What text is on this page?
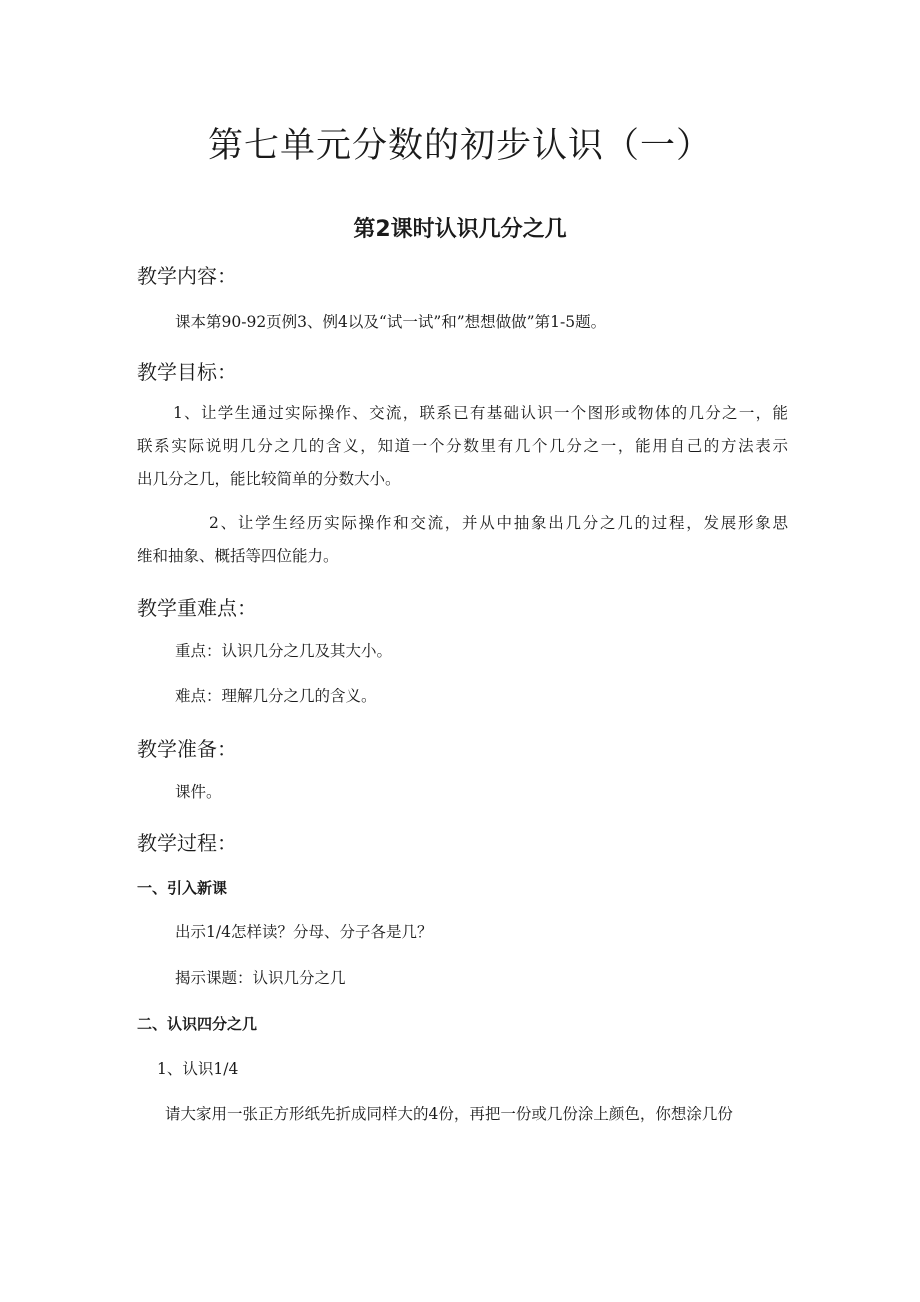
第七单元分数的初步认识（一）
第2课时认识几分之几
教学内容：
课本第90-92页例3、例4以及“试一试”和”想想做做”第1-5题。
教学目标：
1、让学生通过实际操作、交流，联系已有基础认识一个图形或物体的几分之一，能
联系实际说明几分之几的含义，知道一个分数里有几个几分之一，能用自己的方法表示
出几分之几，能比较简单的分数大小。
2、让学生经历实际操作和交流，并从中抽象出几分之几的过程，发展形象思
维和抽象、概括等四位能力。
教学重难点：
重点：认识几分之几及其大小。
难点：理解几分之几的含义。
教学准备：
课件。
教学过程：
一、引入新课
出示1/4怎样读？分母、分子各是几？
揭示课题：认识几分之几
二、认识四分之几
1、认识1/4
请大家用一张正方形纸先折成同样大的4份，再把一份或几份涂上颜色，你想涂几份
